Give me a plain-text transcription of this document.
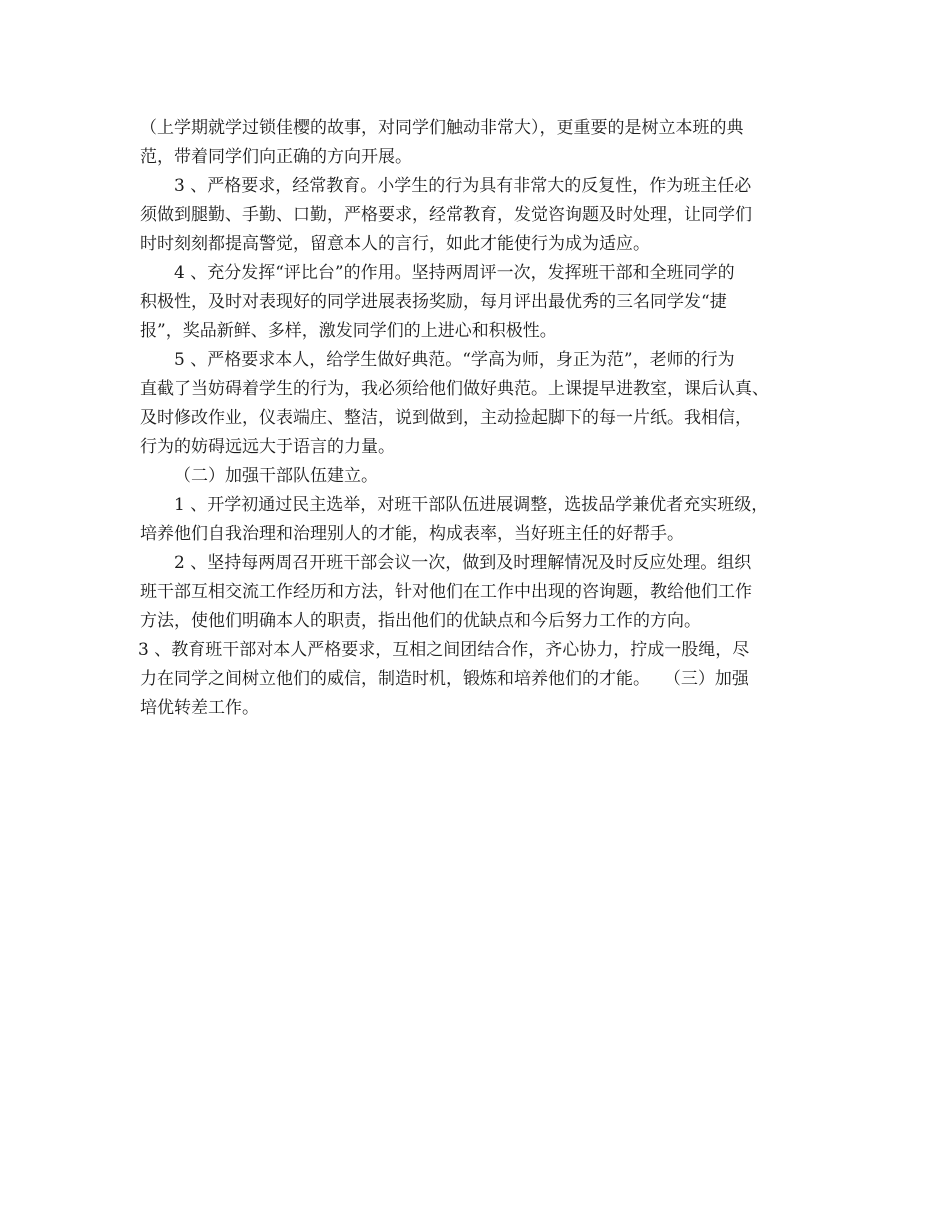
（上学期就学过锁佳樱的故事，对同学们触动非常大），更重要的是树立本班的典
范，带着同学们向正确的方向开展。
3 、严格要求，经常教育。小学生的行为具有非常大的反复性，作为班主任必
须做到腿勤、手勤、口勤，严格要求，经常教育，发觉咨询题及时处理，让同学们
时时刻刻都提高警觉，留意本人的言行，如此才能使行为成为适应。
4 、充分发挥“评比台”的作用。坚持两周评一次，发挥班干部和全班同学的
积极性，及时对表现好的同学进展表扬奖励，每月评出最优秀的三名同学发“捷
报”，奖品新鲜、多样，激发同学们的上进心和积极性。
5 、严格要求本人，给学生做好典范。“学高为师，身正为范”，老师的行为
直截了当妨碍着学生的行为，我必须给他们做好典范。上课提早进教室，课后认真、
及时修改作业，仪表端庄、整洁，说到做到，主动捡起脚下的每一片纸。我相信，
行为的妨碍远远大于语言的力量。
（二）加强干部队伍建立。
1 、开学初通过民主选举，对班干部队伍进展调整，选拔品学兼优者充实班级，
培养他们自我治理和治理别人的才能，构成表率，当好班主任的好帮手。
2 、坚持每两周召开班干部会议一次，做到及时理解情况及时反应处理。组织
班干部互相交流工作经历和方法，针对他们在工作中出现的咨询题，教给他们工作
方法，使他们明确本人的职责，指出他们的优缺点和今后努力工作的方向。
3 、教育班干部对本人严格要求，互相之间团结合作，齐心协力，拧成一股绳，尽
力在同学之间树立他们的威信，制造时机，锻炼和培养他们的才能。　 （三）加强
培优转差工作。
